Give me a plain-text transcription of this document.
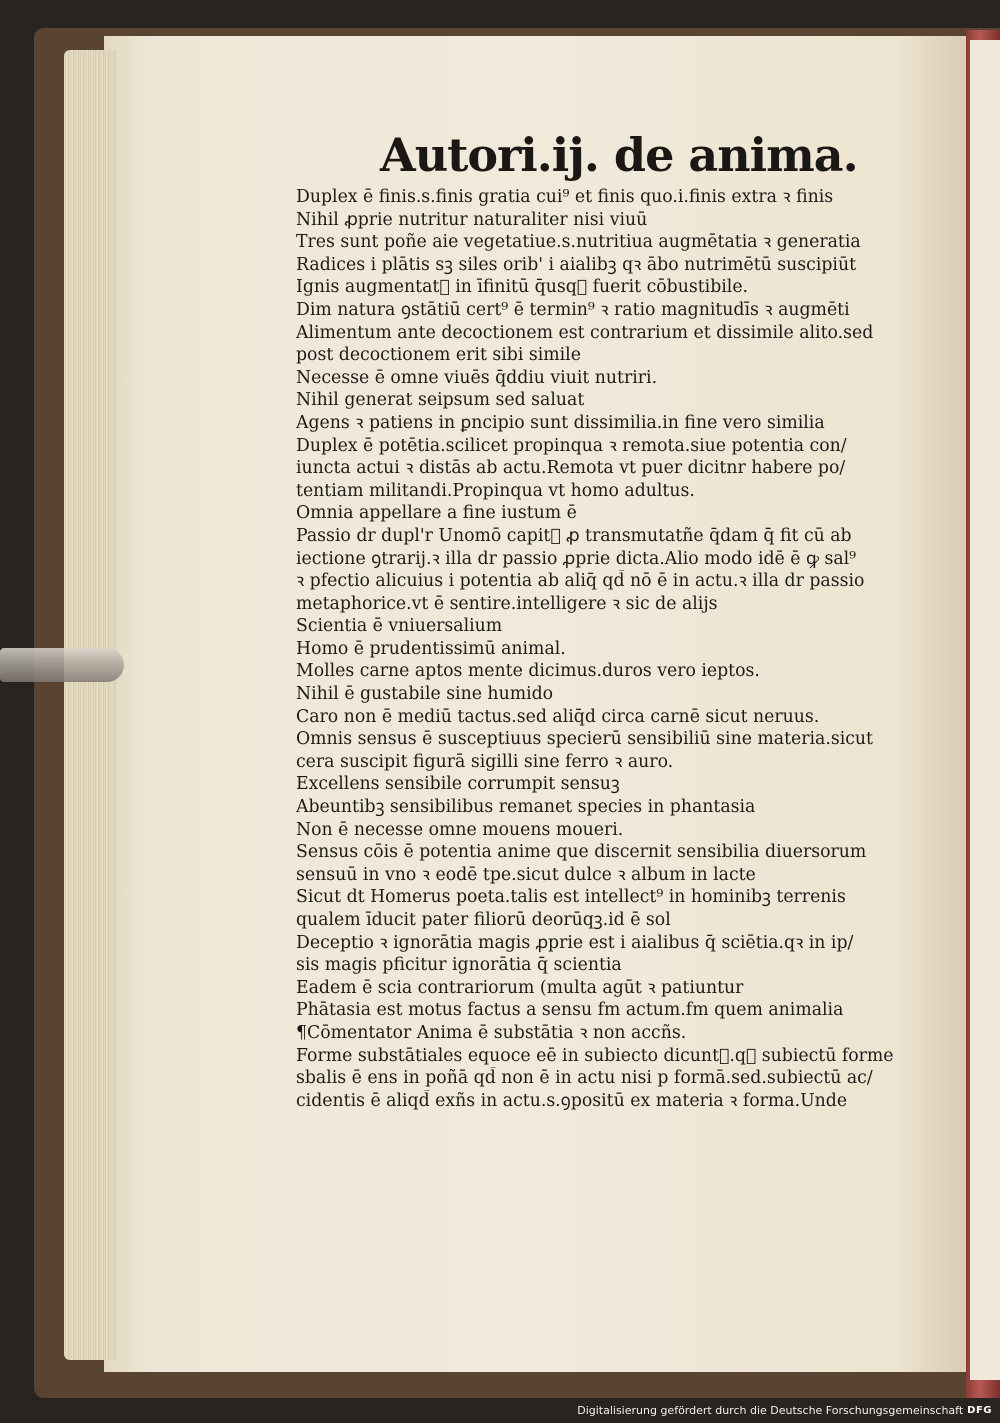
Autori.ij. de anima.
Duplex ē finis.s.finis gratia cui⁹ et finis quo.i.finis extra ꝛ finis
Nihil ꝓprie nutritur naturaliter nisi viuū
Tres sunt poñe aie vegetatiue.s.nutritiua augmētatia ꝛ generatia
Radices i plātis sꝫ siles orib' i aialibꝫ qꝛ ābo nutrimētū suscipiūt
Ignis augmentat᷑ in īfinitū q̄usqꝫ fuerit cōbustibile.
Dim natura ꝯstātiū cert⁹ ē termin⁹ ꝛ ratio magnitudīs ꝛ augmēti
Alimentum ante decoctionem est contrarium et dissimile alito.sed
post decoctionem erit sibi simile
Necesse ē omne viuēs q̄ddiu viuit nutriri.
Nihil generat seipsum sed saluat
Agens ꝛ patiens in ꝑncipio sunt dissimilia.in fine vero similia
Duplex ē potētia.scilicet propinqua ꝛ remota.siue potentia con/
iuncta actui ꝛ distās ab actu.Remota vt puer dicitnr habere po/
tentiam militandi.Propinqua vt homo adultus.
Omnia appellare a fine iustum ē
Passio dr dupl'r Unomō capit᷑ ꝓ transmutatñe q̄dam q̄ fit cū ab
iectione ꝯtrarij.ꝛ illa dr passio ꝓprie dicta.Alio modo idē ē ꝙ sal⁹
ꝛ pfectio alicuius i potentia ab aliq̄ qd̄ nō ē in actu.ꝛ illa dr passio
metaphorice.vt ē sentire.intelligere ꝛ sic de alijs
Scientia ē vniuersalium
Homo ē prudentissimū animal.
Molles carne aptos mente dicimus.duros vero ieptos.
Nihil ē gustabile sine humido
Caro non ē mediū tactus.sed aliq̄d circa carnē sicut neruus.
Omnis sensus ē susceptiuus specierū sensibiliū sine materia.sicut
cera suscipit figurā sigilli sine ferro ꝛ auro.
Excellens sensibile corrumpit sensuꝫ
Abeuntibꝫ sensibilibus remanet species in phantasia
Non ē necesse omne mouens moueri.
Sensus cōis ē potentia anime que discernit sensibilia diuersorum
sensuū in vno ꝛ eodē tpe.sicut dulce ꝛ album in lacte
Sicut dt Homerus poeta.talis est intellect⁹ in hominibꝫ terrenis
qualem īducit pater filiorū deorūqꝫ.id ē sol
Deceptio ꝛ ignorātia magis ꝓprie est i aialibus q̄ sciētia.qꝛ in ip/
sis magis pficitur ignorātia q̄ scientia
Eadem ē scia contrariorum (multa agūt ꝛ patiuntur
Phātasia est motus factus a sensu fm actum.fm quem animalia
¶Cōmentator Anima ē substātia ꝛ non accñs.
Forme substātiales equoce eē in subiecto dicunt᷑.qꝛ subiectū forme
sbalis ē ens in poñā qd̄ non ē in actu nisi p formā.sed.subiectū ac/
cidentis ē aliqd̄ exñs in actu.s.ꝯpositū ex materia ꝛ forma.Unde
Digitalisierung gefördert durch die Deutsche Forschungsgemeinschaft DFG
